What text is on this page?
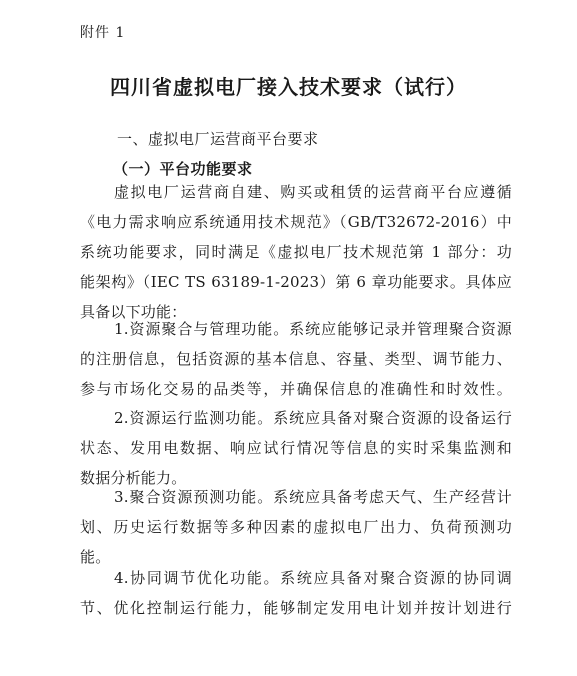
附件 1
四川省虚拟电厂接入技术要求（试行）
一、虚拟电厂运营商平台要求
（一）平台功能要求
虚拟电厂运营商自建、购买或租赁的运营商平台应遵循
《电力需求响应系统通用技术规范》（GB/T32672-2016）中
系统功能要求，同时满足《虚拟电厂技术规范第 1 部分：功
能架构》（IEC TS 63189-1-2023）第 6 章功能要求。具体应
具备以下功能：
1.资源聚合与管理功能。系统应能够记录并管理聚合资源
的注册信息，包括资源的基本信息、容量、类型、调节能力、
参与市场化交易的品类等，并确保信息的准确性和时效性。
2.资源运行监测功能。系统应具备对聚合资源的设备运行
状态、发用电数据、响应试行情况等信息的实时采集监测和
数据分析能力。
3.聚合资源预测功能。系统应具备考虑天气、生产经营计
划、历史运行数据等多种因素的虚拟电厂出力、负荷预测功
能。
4.协同调节优化功能。系统应具备对聚合资源的协同调
节、优化控制运行能力，能够制定发用电计划并按计划进行
